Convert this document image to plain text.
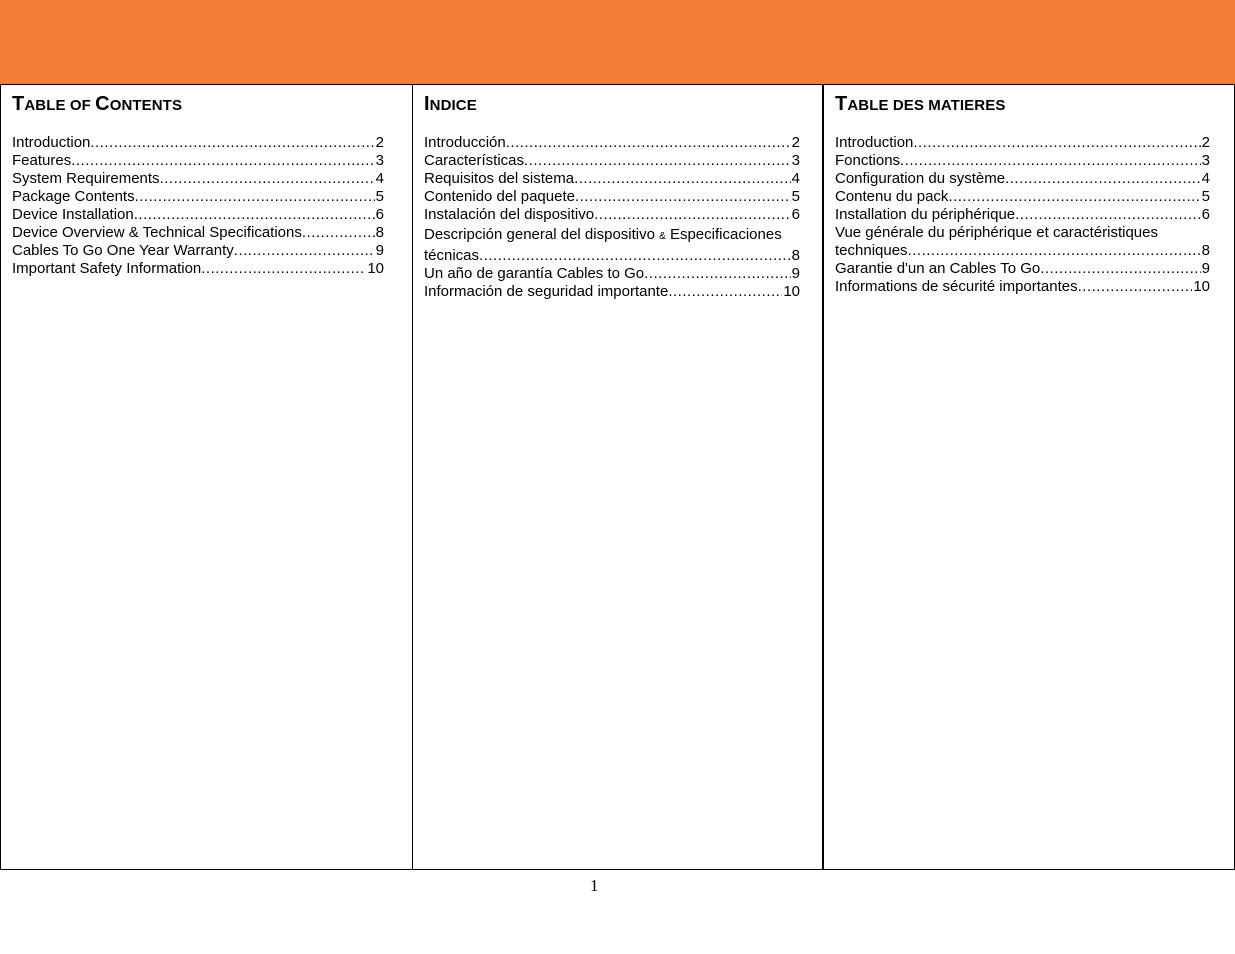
TABLE OF CONTENTS
Introduction .....	2
Features .....	3
System Requirements .....	4
Package Contents .....	5
Device Installation .....	6
Device Overview & Technical Specifications .....	8
Cables To Go One Year Warranty .....	9
Important Safety Information .....	10
INDICE
Introducción .....	2
Características .....	3
Requisitos del sistema .....	4
Contenido del paquete .....	5
Instalación del dispositivo .....	6
Descripción general del dispositivo & Especificaciones
técnicas .....	8
Un año de garantía Cables to Go .....	9
Información de seguridad importante .....	10
TABLE DES MATIERES
Introduction .....	2
Fonctions .....	3
Configuration du système .....	4
Contenu du pack .....	5
Installation du périphérique .....	6
Vue générale du périphérique et caractéristiques
techniques .....	8
Garantie d'un an Cables To Go .....	9
Informations de sécurité importantes .....	10
1
